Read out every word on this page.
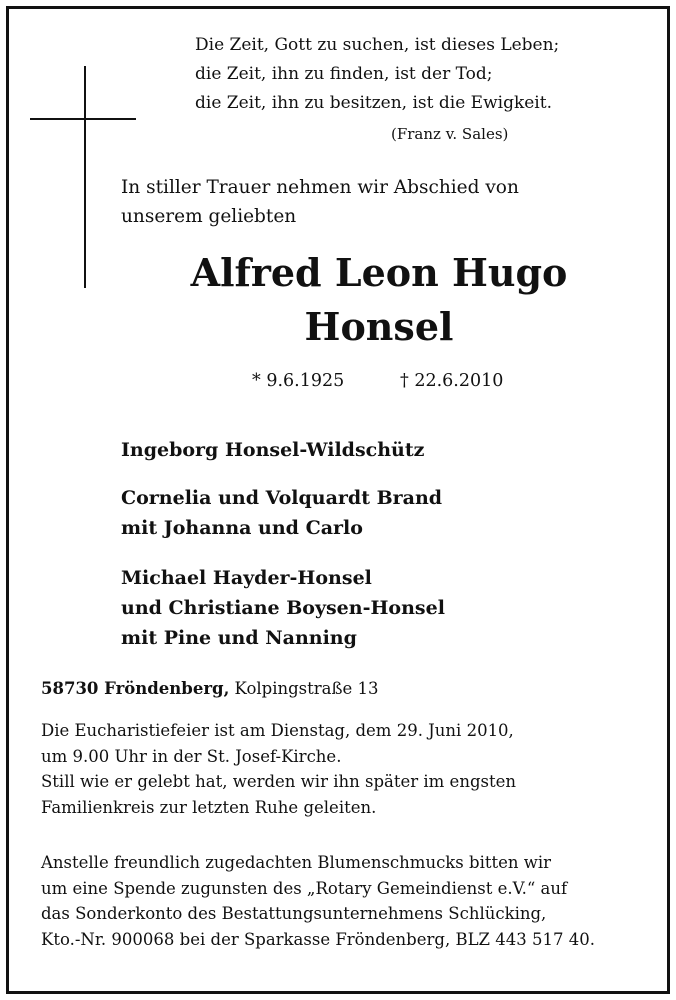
Die Zeit, Gott zu suchen, ist dieses Leben;
die Zeit, ihn zu finden, ist der Tod;
die Zeit, ihn zu besitzen, ist die Ewigkeit.
(Franz v. Sales)
In stiller Trauer nehmen wir Abschied von
unserem geliebten
Alfred Leon Hugo
Honsel
* 9.6.1925	† 22.6.2010
Ingeborg Honsel-Wildschütz
Cornelia und Volquardt Brand
mit Johanna und Carlo
Michael Hayder-Honsel
und Christiane Boysen-Honsel
mit Pine und Nanning
58730 Fröndenberg, Kolpingstraße 13
Die Eucharistiefeier ist am Dienstag, dem 29. Juni 2010,
um 9.00 Uhr in der St. Josef-Kirche.
Still wie er gelebt hat, werden wir ihn später im engsten
Familienkreis zur letzten Ruhe geleiten.
Anstelle freundlich zugedachten Blumenschmucks bitten wir
um eine Spende zugunsten des „Rotary Gemeindienst e.V.“ auf
das Sonderkonto des Bestattungsunternehmens Schlücking,
Kto.-Nr. 900068 bei der Sparkasse Fröndenberg, BLZ 443 517 40.
